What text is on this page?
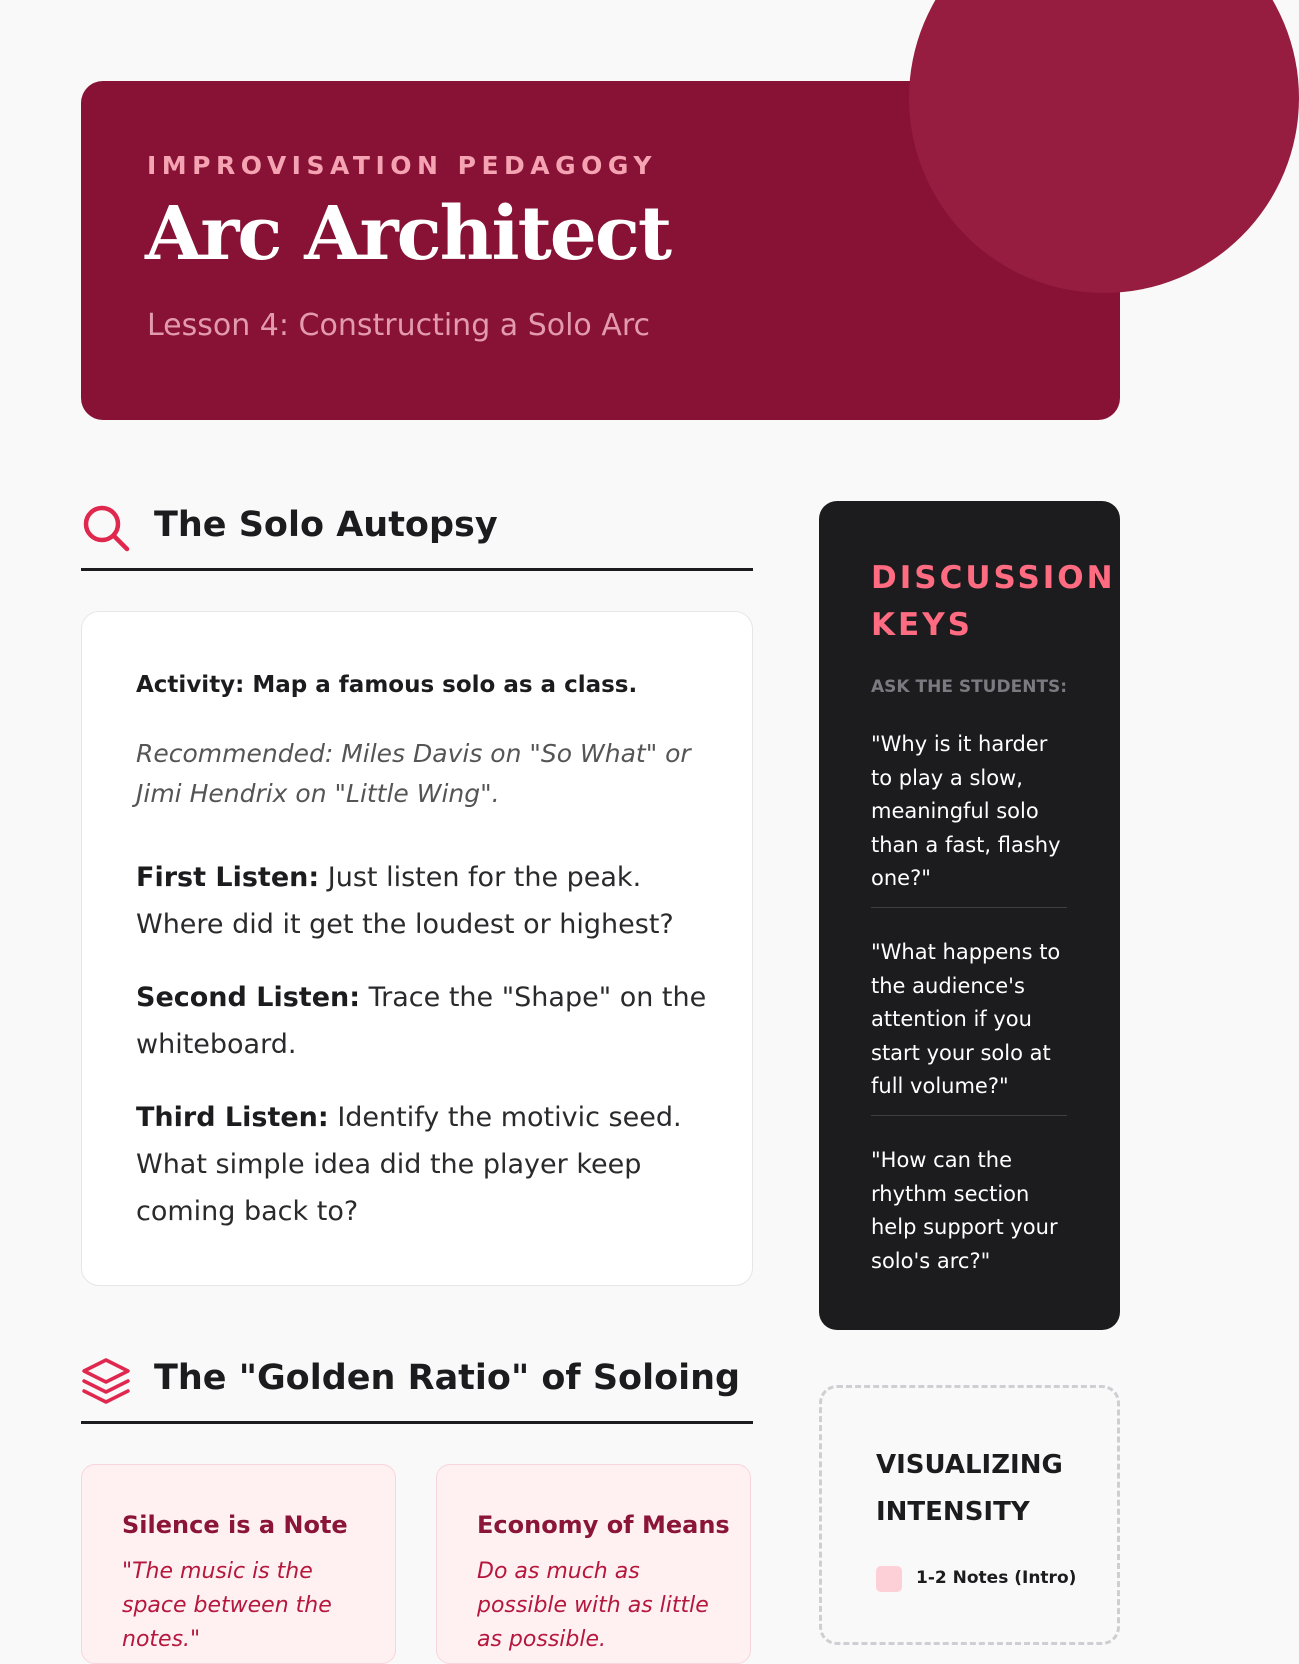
IMPROVISATION PEDAGOGY
Arc Architect
Lesson 4: Constructing a Solo Arc
The Solo Autopsy
Activity: Map a famous solo as a class.

Recommended: Miles Davis on "So What" or Jimi Hendrix on "Little Wing".

First Listen: Just listen for the peak. Where did it get the loudest or highest?

Second Listen: Trace the "Shape" on the whiteboard.

Third Listen: Identify the motivic seed. What simple idea did the player keep coming back to?

DISCUSSION KEYS
ASK THE STUDENTS:

"Why is it harder to play a slow, meaningful solo than a fast, flashy one?"

"What happens to the audience's attention if you start your solo at full volume?"

"How can the rhythm section help support your solo's arc?"

The "Golden Ratio" of Soloing
Silence is a Note

"The music is the space between the notes."

Economy of Means

Do as much as possible with as little as possible.

VISUALIZING INTENSITY
1-2 Notes (Intro)
